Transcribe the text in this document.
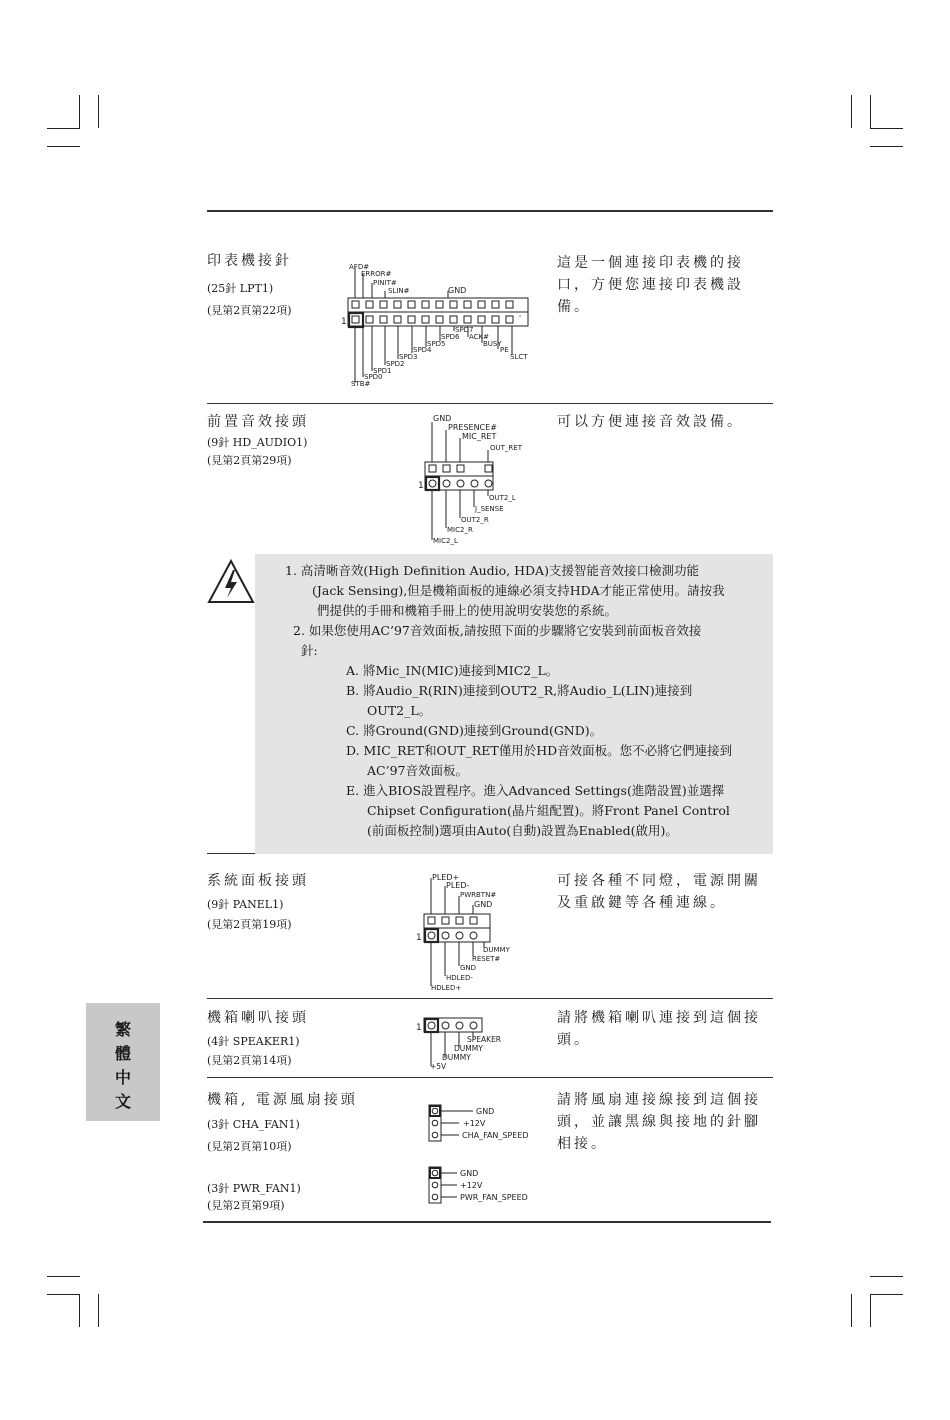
印表機接針
(25針 LPT1)
(見第2頁第22項)
這是一個連接印表機的接口，方便您連接印表機設備。
AFD#
ERROR#
PINIT#
SLIN#	GND
SPD7
SPD6 ACK#
SPD5	BUSY
SPD4	PE
SPD3	SLCT
SPD2
SPD1
SPD0
STB#
1
前置音效接頭
(9針 HD_AUDIO1)
(見第2頁第29項)
可以方便連接音效設備。
GND
PRESENCE#
MIC_RET
OUT_RET
OUT2_L
J_SENSE
OUT2_R
MIC2_R
MIC2_L
1
1. 高清晰音效(High Definition Audio, HDA)支援智能音效接口檢測功能
(Jack Sensing),但是機箱面板的連線必須支持HDA才能正常使用。請按我
們提供的手冊和機箱手冊上的使用說明安裝您的系統。
2. 如果您使用AC’97音效面板,請按照下面的步驟將它安裝到前面板音效接
針:
A. 將Mic_IN(MIC)連接到MIC2_L。
B. 將Audio_R(RIN)連接到OUT2_R,將Audio_L(LIN)連接到
OUT2_L。
C. 將Ground(GND)連接到Ground(GND)。
D. MIC_RET和OUT_RET僅用於HD音效面板。您不必將它們連接到
AC’97音效面板。
E. 進入BIOS設置程序。進入Advanced Settings(進階設置)並選擇
Chipset Configuration(晶片組配置)。將Front Panel Control
(前面板控制)選項由Auto(自動)設置為Enabled(啟用)。
系統面板接頭
(9針 PANEL1)
(見第2頁第19項)
可接各種不同燈，電源開關及重啟鍵等各種連線。
PLED+
PLED-
PWRBTN#
GND
DUMMY
RESET#
GND
HDLED-
HDLED+
1
機箱喇叭接頭
(4針 SPEAKER1)
(見第2頁第14項)
請將機箱喇叭連接到這個接頭。
SPEAKER
DUMMY
DUMMY
+5V
1
機箱, 電源風扇接頭
(3針 CHA_FAN1)
(見第2頁第10項)
(3針 PWR_FAN1)
(見第2頁第9項)
請將風扇連接線接到這個接頭，並讓黑線與接地的針腳相接。
GND
+12V
CHA_FAN_SPEED
GND
+12V
PWR_FAN_SPEED
繁
體
中
文
